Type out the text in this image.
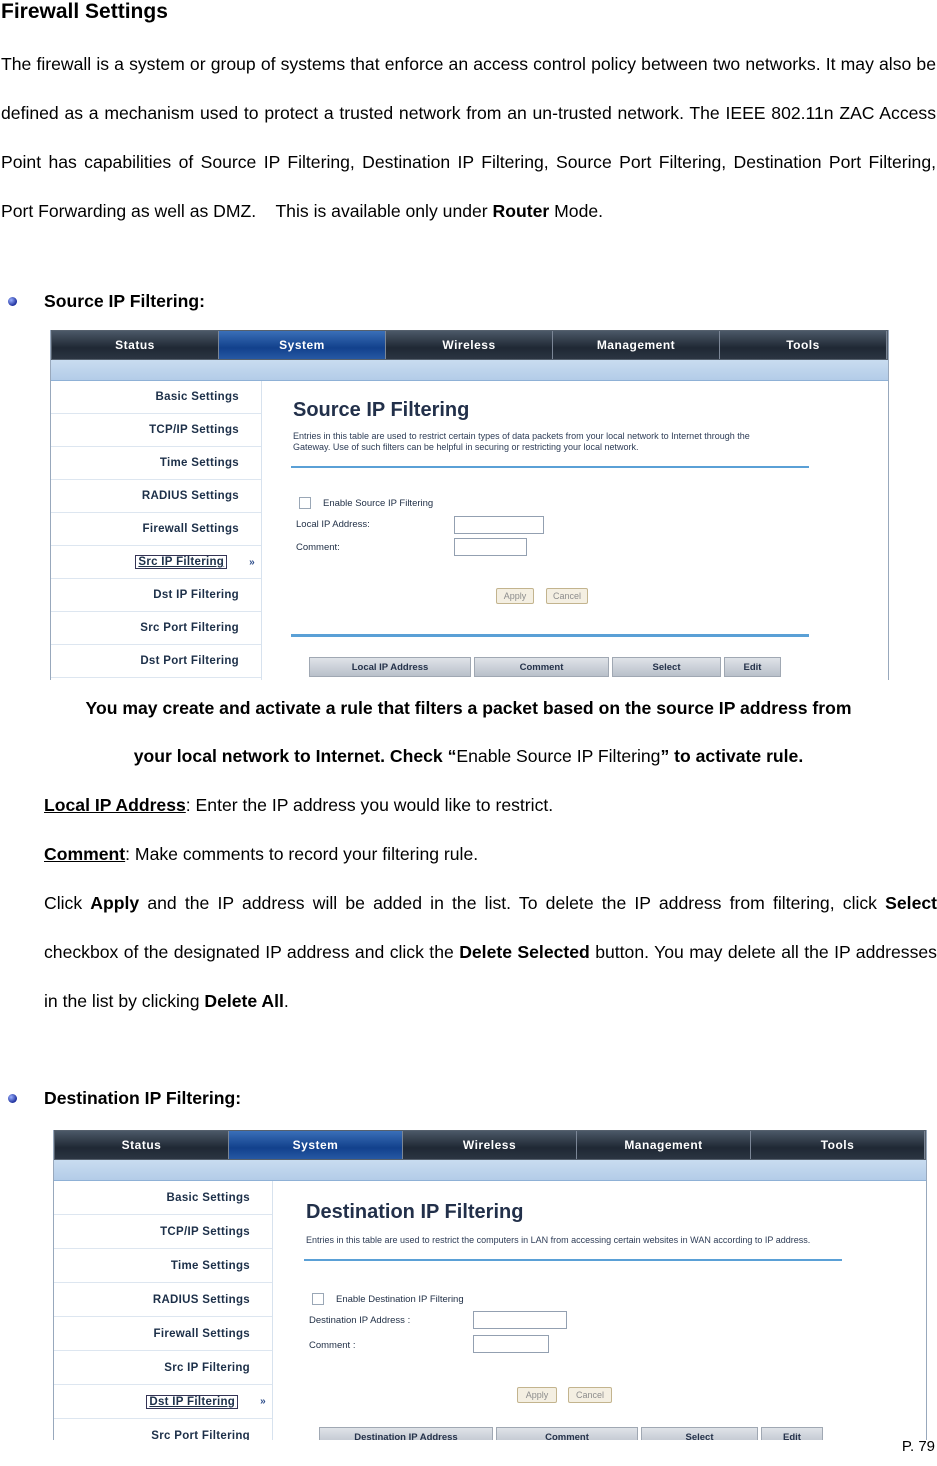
Firewall Settings

The firewall is a system or group of systems that enforce an access control policy between two networks. It may also be defined as a mechanism used to protect a trusted network from an un-trusted network. The IEEE 802.11n ZAC Access Point has capabilities of Source IP Filtering, Destination IP Filtering, Source Port Filtering, Destination Port Filtering, Port Forwarding as well as DMZ. This is available only under Router Mode.

Source IP Filtering:
Status	System	Wireless	Management	Tools
Basic Settings
TCP/IP Settings
Time Settings
RADIUS Settings
Firewall Settings
Src IP Filtering	»
Dst IP Filtering
Src Port Filtering
Dst Port Filtering
Source IP Filtering
Entries in this table are used to restrict certain types of data packets from your local network to Internet through the Gateway. Use of such filters can be helpful in securing or restricting your local network.
Enable Source IP Filtering
Local IP Address:
Comment:
Apply	Cancel
Local IP Address	Comment	Select	Edit
You may create and activate a rule that filters a packet based on the source IP address from
your local network to Internet. Check “Enable Source IP Filtering” to activate rule.
Local IP Address: Enter the IP address you would like to restrict.
Comment: Make comments to record your filtering rule.
Click Apply and the IP address will be added in the list. To delete the IP address from filtering, click Select checkbox of the designated IP address and click the Delete Selected button. You may delete all the IP addresses in the list by clicking Delete All.
Destination IP Filtering:
Status	System	Wireless	Management	Tools
Basic Settings
TCP/IP Settings
Time Settings
RADIUS Settings
Firewall Settings
Src IP Filtering
Dst IP Filtering	»
Src Port Filtering
Destination IP Filtering
Entries in this table are used to restrict the computers in LAN from accessing certain websites in WAN according to IP address.
Enable Destination IP Filtering
Destination IP Address :
Comment :
Apply	Cancel
Destination IP Address	Comment	Select	Edit
P. 79
